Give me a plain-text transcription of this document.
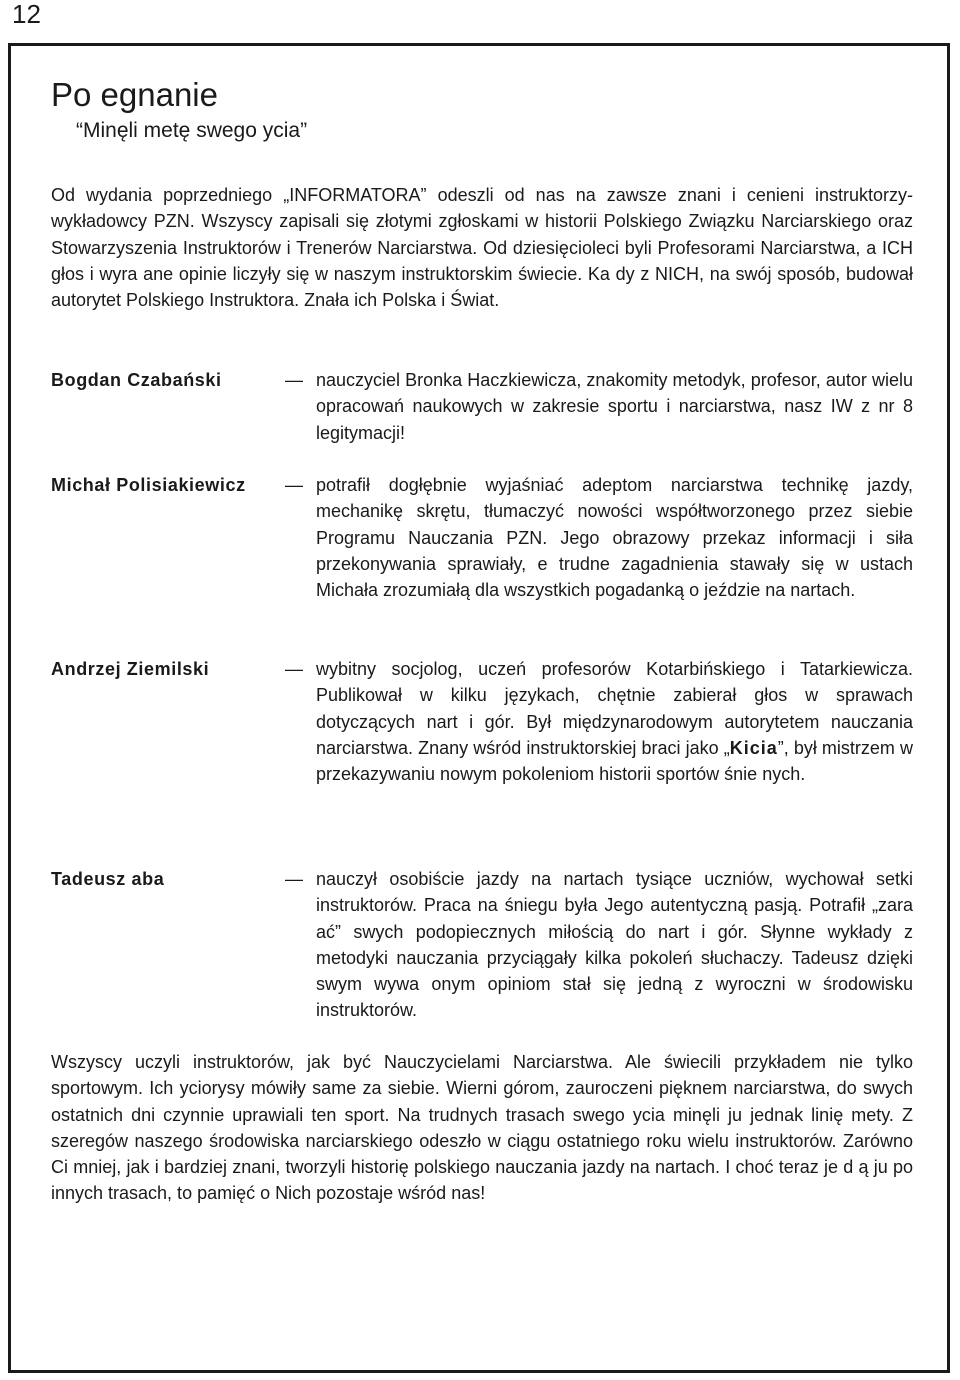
12
Po egnanie
“Minęli metę swego ycia”

Od wydania poprzedniego „INFORMATORA” odeszli od nas na zawsze znani i cenieni instruktorzy-wykładowcy PZN. Wszyscy zapisali się złotymi zgłoskami w historii Polskiego Związku Narciarskiego oraz Stowarzyszenia Instruktorów i Trenerów Narciarstwa. Od dziesięcioleci byli Profesorami Narciarstwa, a ICH głos i wyra ane opinie liczyły się w naszym instruktorskim świecie. Ka dy z NICH, na swój sposób, budował autorytet Polskiego Instruktora. Znała ich Polska i Świat.

Bogdan Czabański	— nauczyciel Bronka Haczkiewicza, znakomity metodyk, profesor, autor wielu opracowań naukowych w zakresie sportu i narciarstwa, nasz IW z nr 8 legitymacji!
Michał Polisiakiewicz — potrafił dogłębnie wyjaśniać adeptom narciarstwa technikę jazdy, mechanikę skrętu, tłumaczyć nowości współtworzonego przez siebie Programu Nauczania PZN. Jego obrazowy przekaz informacji i siła przekonywania sprawiały, e trudne zagadnienia stawały się w ustach Michała zrozumiałą dla wszystkich pogadanką o jeździe na nartach.
Andrzej Ziemilski	— wybitny socjolog, uczeń profesorów Kotarbińskiego i Tatarkiewicza. Publikował w kilku językach, chętnie zabierał głos w sprawach dotyczących nart i gór. Był międzynarodowym autorytetem nauczania narciarstwa. Znany wśród instruktorskiej braci jako „Kicia”, był mistrzem w przekazywaniu nowym pokoleniom historii sportów śnie nych.
Tadeusz aba	— nauczył osobiście jazdy na nartach tysiące uczniów, wychował setki instruktorów. Praca na śniegu była Jego autentyczną pasją. Potrafił „zara ać” swych podopiecznych miłością do nart i gór. Słynne wykłady z metodyki nauczania przyciągały kilka pokoleń słuchaczy. Tadeusz dzięki swym wywa onym opiniom stał się jedną z wyroczni w środowisku instruktorów.

Wszyscy uczyli instruktorów, jak być Nauczycielami Narciarstwa. Ale świecili przykładem nie tylko sportowym. Ich yciorysy mówiły same za siebie. Wierni górom, zauroczeni pięknem narciarstwa, do swych ostatnich dni czynnie uprawiali ten sport. Na trudnych trasach swego ycia minęli ju jednak linię mety. Z szeregów naszego środowiska narciarskiego odeszło w ciągu ostatniego roku wielu instruktorów. Zarówno Ci mniej, jak i bardziej znani, tworzyli historię polskiego nauczania jazdy na nartach. I choć teraz je d ą ju po innych trasach, to pamięć o Nich pozostaje wśród nas!
